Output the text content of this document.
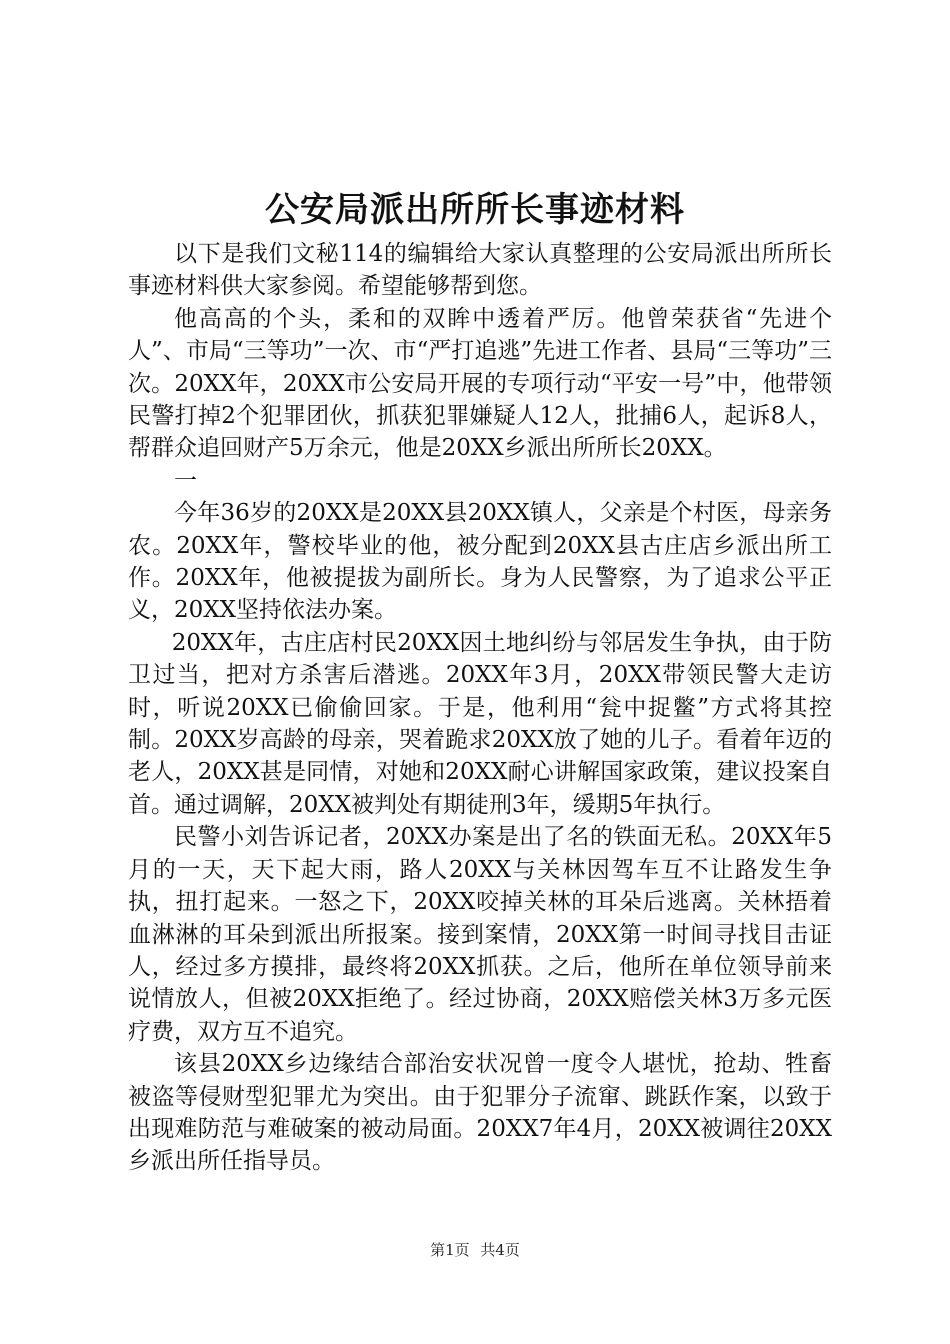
公安局派出所所长事迹材料

以下是我们文秘114的编辑给大家认真整理的公安局派出所所长事迹材料供大家参阅。希望能够帮到您。

他高高的个头，柔和的双眸中透着严厉。他曾荣获省“先进个人”、市局“三等功”一次、市“严打追逃”先进工作者、县局“三等功”三次。20XX年，20XX市公安局开展的专项行动“平安一号”中，他带领民警打掉2个犯罪团伙，抓获犯罪嫌疑人12人，批捕6人，起诉8人，帮群众追回财产5万余元，他是20XX乡派出所所长20XX。

一

今年36岁的20XX是20XX县20XX镇人，父亲是个村医，母亲务农。20XX年，警校毕业的他，被分配到20XX县古庄店乡派出所工作。20XX年，他被提拔为副所长。身为人民警察，为了追求公平正义，20XX坚持依法办案。

20XX年，古庄店村民20XX因土地纠纷与邻居发生争执，由于防卫过当，把对方杀害后潜逃。20XX年3月，20XX带领民警大走访时，听说20XX已偷偷回家。于是，他利用“瓮中捉鳖”方式将其控制。20XX岁高龄的母亲，哭着跪求20XX放了她的儿子。看着年迈的老人，20XX甚是同情，对她和20XX耐心讲解国家政策，建议投案自首。通过调解，20XX被判处有期徒刑3年，缓期5年执行。

民警小刘告诉记者，20XX办案是出了名的铁面无私。20XX年5月的一天，天下起大雨，路人20XX与关林因驾车互不让路发生争执，扭打起来。一怒之下，20XX咬掉关林的耳朵后逃离。关林捂着血淋淋的耳朵到派出所报案。接到案情，20XX第一时间寻找目击证人，经过多方摸排，最终将20XX抓获。之后，他所在单位领导前来说情放人，但被20XX拒绝了。经过协商，20XX赔偿关林3万多元医疗费，双方互不追究。

该县20XX乡边缘结合部治安状况曾一度令人堪忧，抢劫、牲畜被盗等侵财型犯罪尤为突出。由于犯罪分子流窜、跳跃作案，以致于出现难防范与难破案的被动局面。20XX7年4月，20XX被调往20XX乡派出所任指导员。

第1页 共4页
